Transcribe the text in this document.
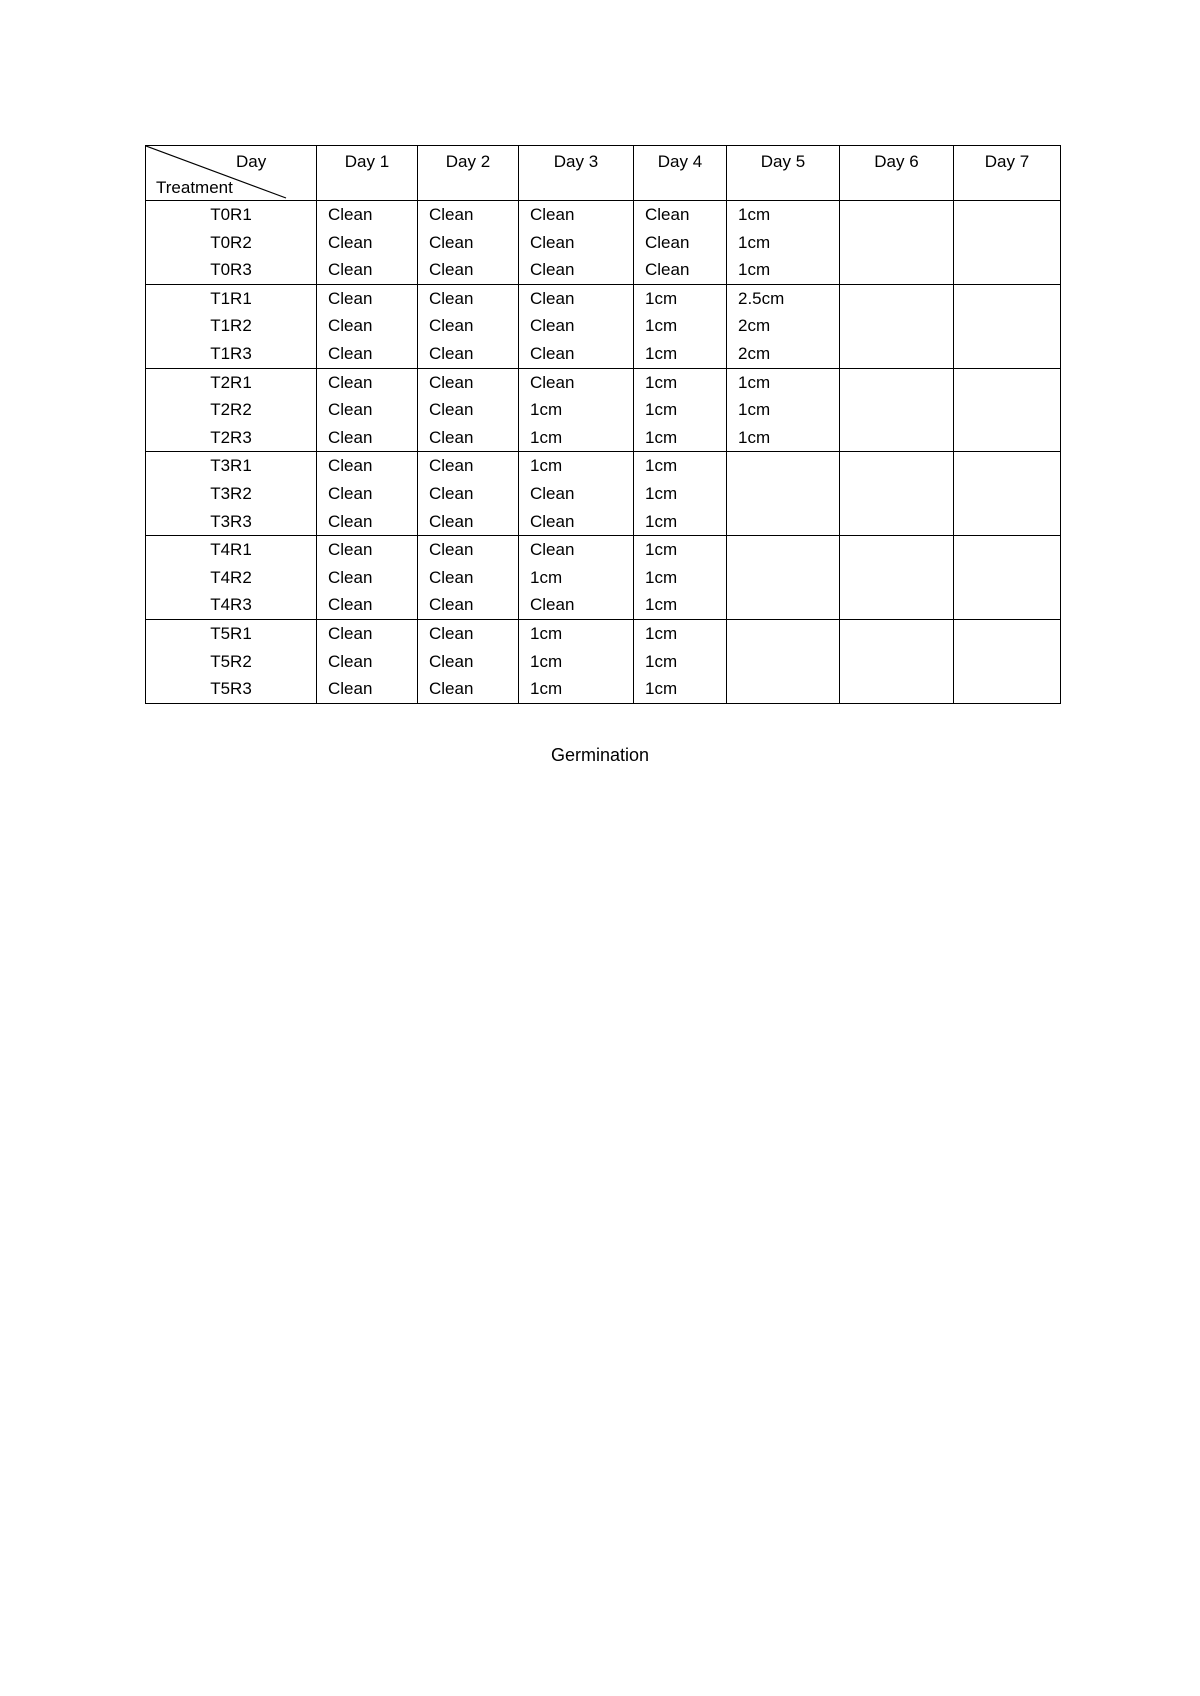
Day
Treatment	Day 1	Day 2	Day 3	Day 4	Day 5	Day 6	Day 7
T0R1	Clean	Clean	Clean	Clean	1cm		
T0R2	Clean	Clean	Clean	Clean	1cm		
T0R3	Clean	Clean	Clean	Clean	1cm		
T1R1	Clean	Clean	Clean	1cm	2.5cm		
T1R2	Clean	Clean	Clean	1cm	2cm		
T1R3	Clean	Clean	Clean	1cm	2cm		
T2R1	Clean	Clean	Clean	1cm	1cm		
T2R2	Clean	Clean	1cm	1cm	1cm		
T2R3	Clean	Clean	1cm	1cm	1cm		
T3R1	Clean	Clean	1cm	1cm			
T3R2	Clean	Clean	Clean	1cm			
T3R3	Clean	Clean	Clean	1cm			
T4R1	Clean	Clean	Clean	1cm			
T4R2	Clean	Clean	1cm	1cm			
T4R3	Clean	Clean	Clean	1cm			
T5R1	Clean	Clean	1cm	1cm			
T5R2	Clean	Clean	1cm	1cm			
T5R3	Clean	Clean	1cm	1cm			
Germination
